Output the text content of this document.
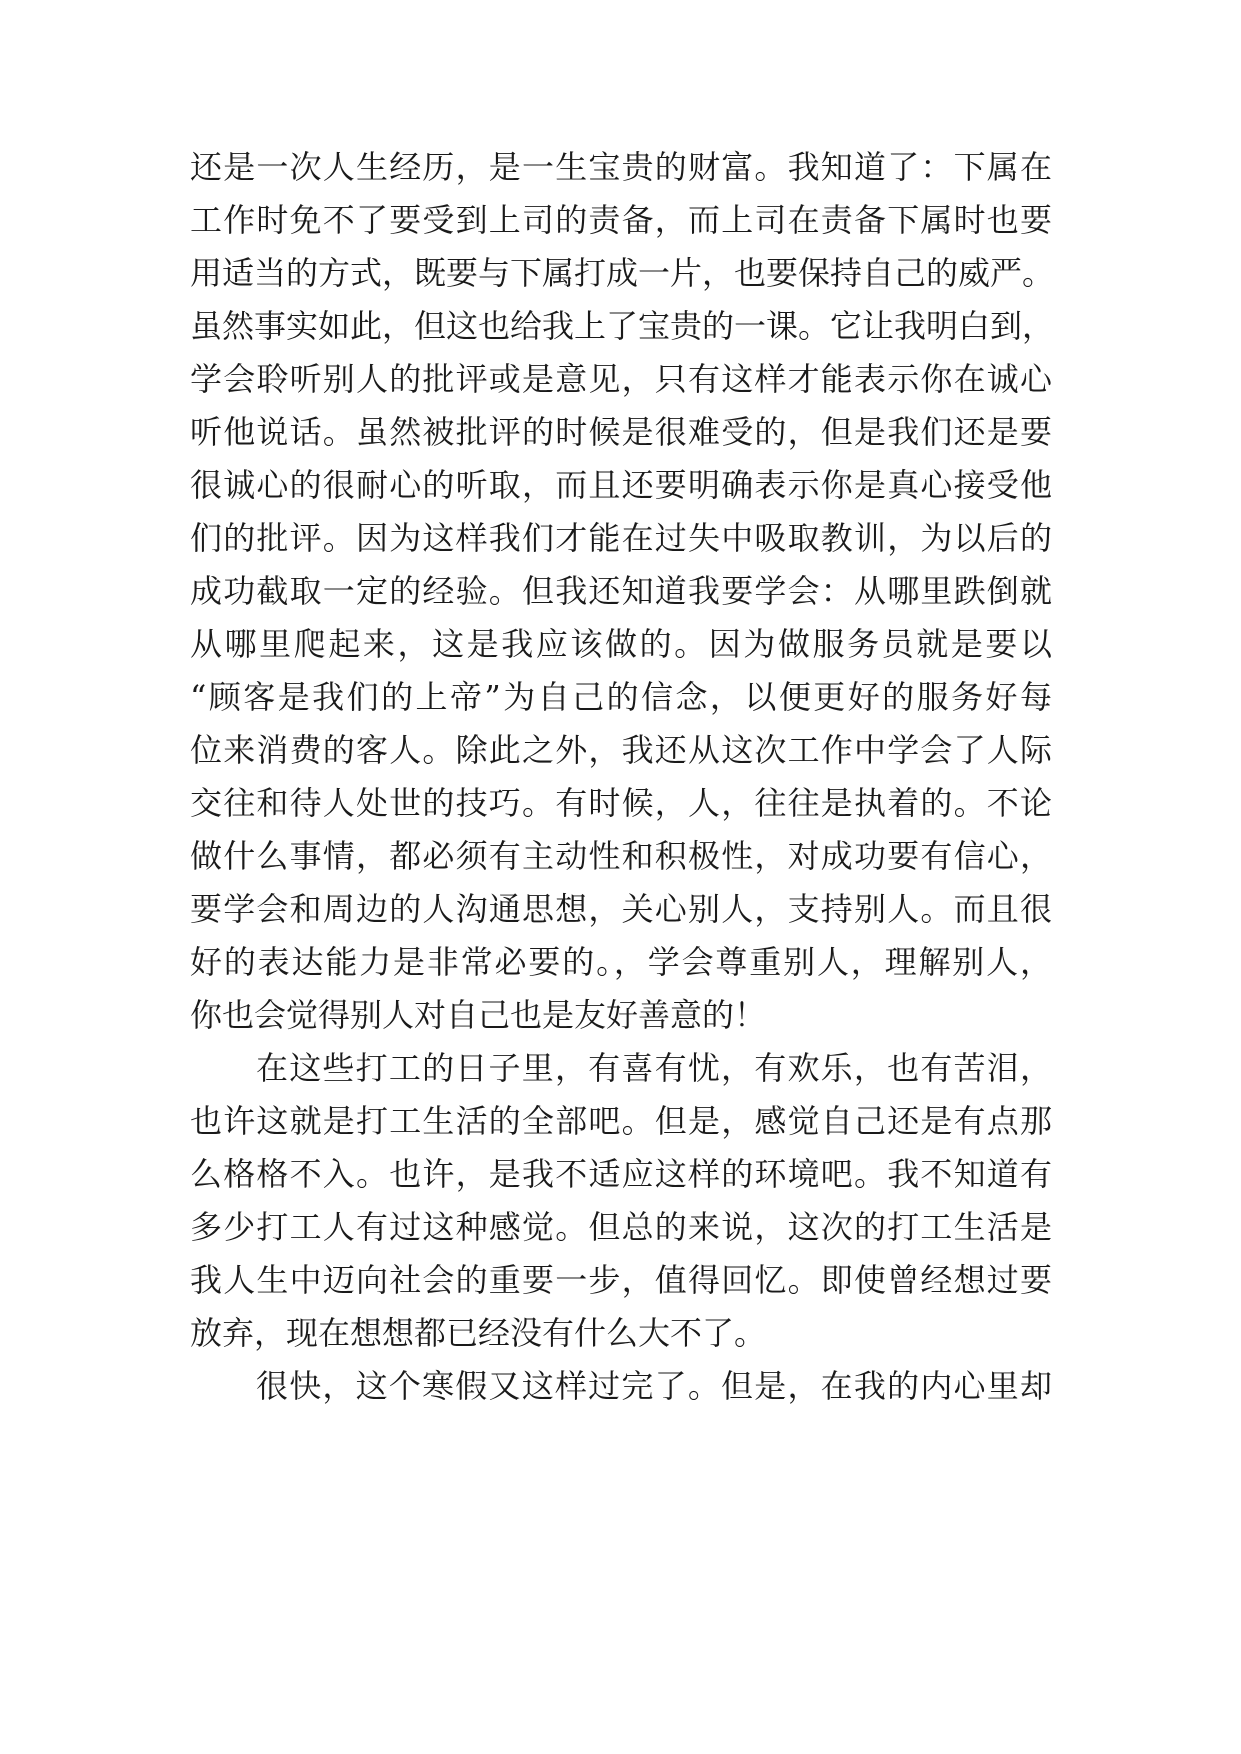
还是一次人生经历，是一生宝贵的财富。我知道了：下属在
工作时免不了要受到上司的责备，而上司在责备下属时也要
用适当的方式，既要与下属打成一片，也要保持自己的威严。
虽然事实如此，但这也给我上了宝贵的一课。它让我明白到，
学会聆听别人的批评或是意见，只有这样才能表示你在诚心
听他说话。虽然被批评的时候是很难受的，但是我们还是要
很诚心的很耐心的听取，而且还要明确表示你是真心接受他
们的批评。因为这样我们才能在过失中吸取教训，为以后的
成功截取一定的经验。但我还知道我要学会：从哪里跌倒就
从哪里爬起来，这是我应该做的。因为做服务员就是要以
“顾客是我们的上帝”为自己的信念，以便更好的服务好每
位来消费的客人。除此之外，我还从这次工作中学会了人际
交往和待人处世的技巧。有时候，人，往往是执着的。不论
做什么事情，都必须有主动性和积极性，对成功要有信心，
要学会和周边的人沟通思想，关心别人，支持别人。而且很
好的表达能力是非常必要的。，学会尊重别人，理解别人，
你也会觉得别人对自己也是友好善意的！
在这些打工的日子里，有喜有忧，有欢乐，也有苦泪，
也许这就是打工生活的全部吧。但是，感觉自己还是有点那
么格格不入。也许，是我不适应这样的环境吧。我不知道有
多少打工人有过这种感觉。但总的来说，这次的打工生活是
我人生中迈向社会的重要一步，值得回忆。即使曾经想过要
放弃，现在想想都已经没有什么大不了。
很快，这个寒假又这样过完了。但是，在我的内心里却
